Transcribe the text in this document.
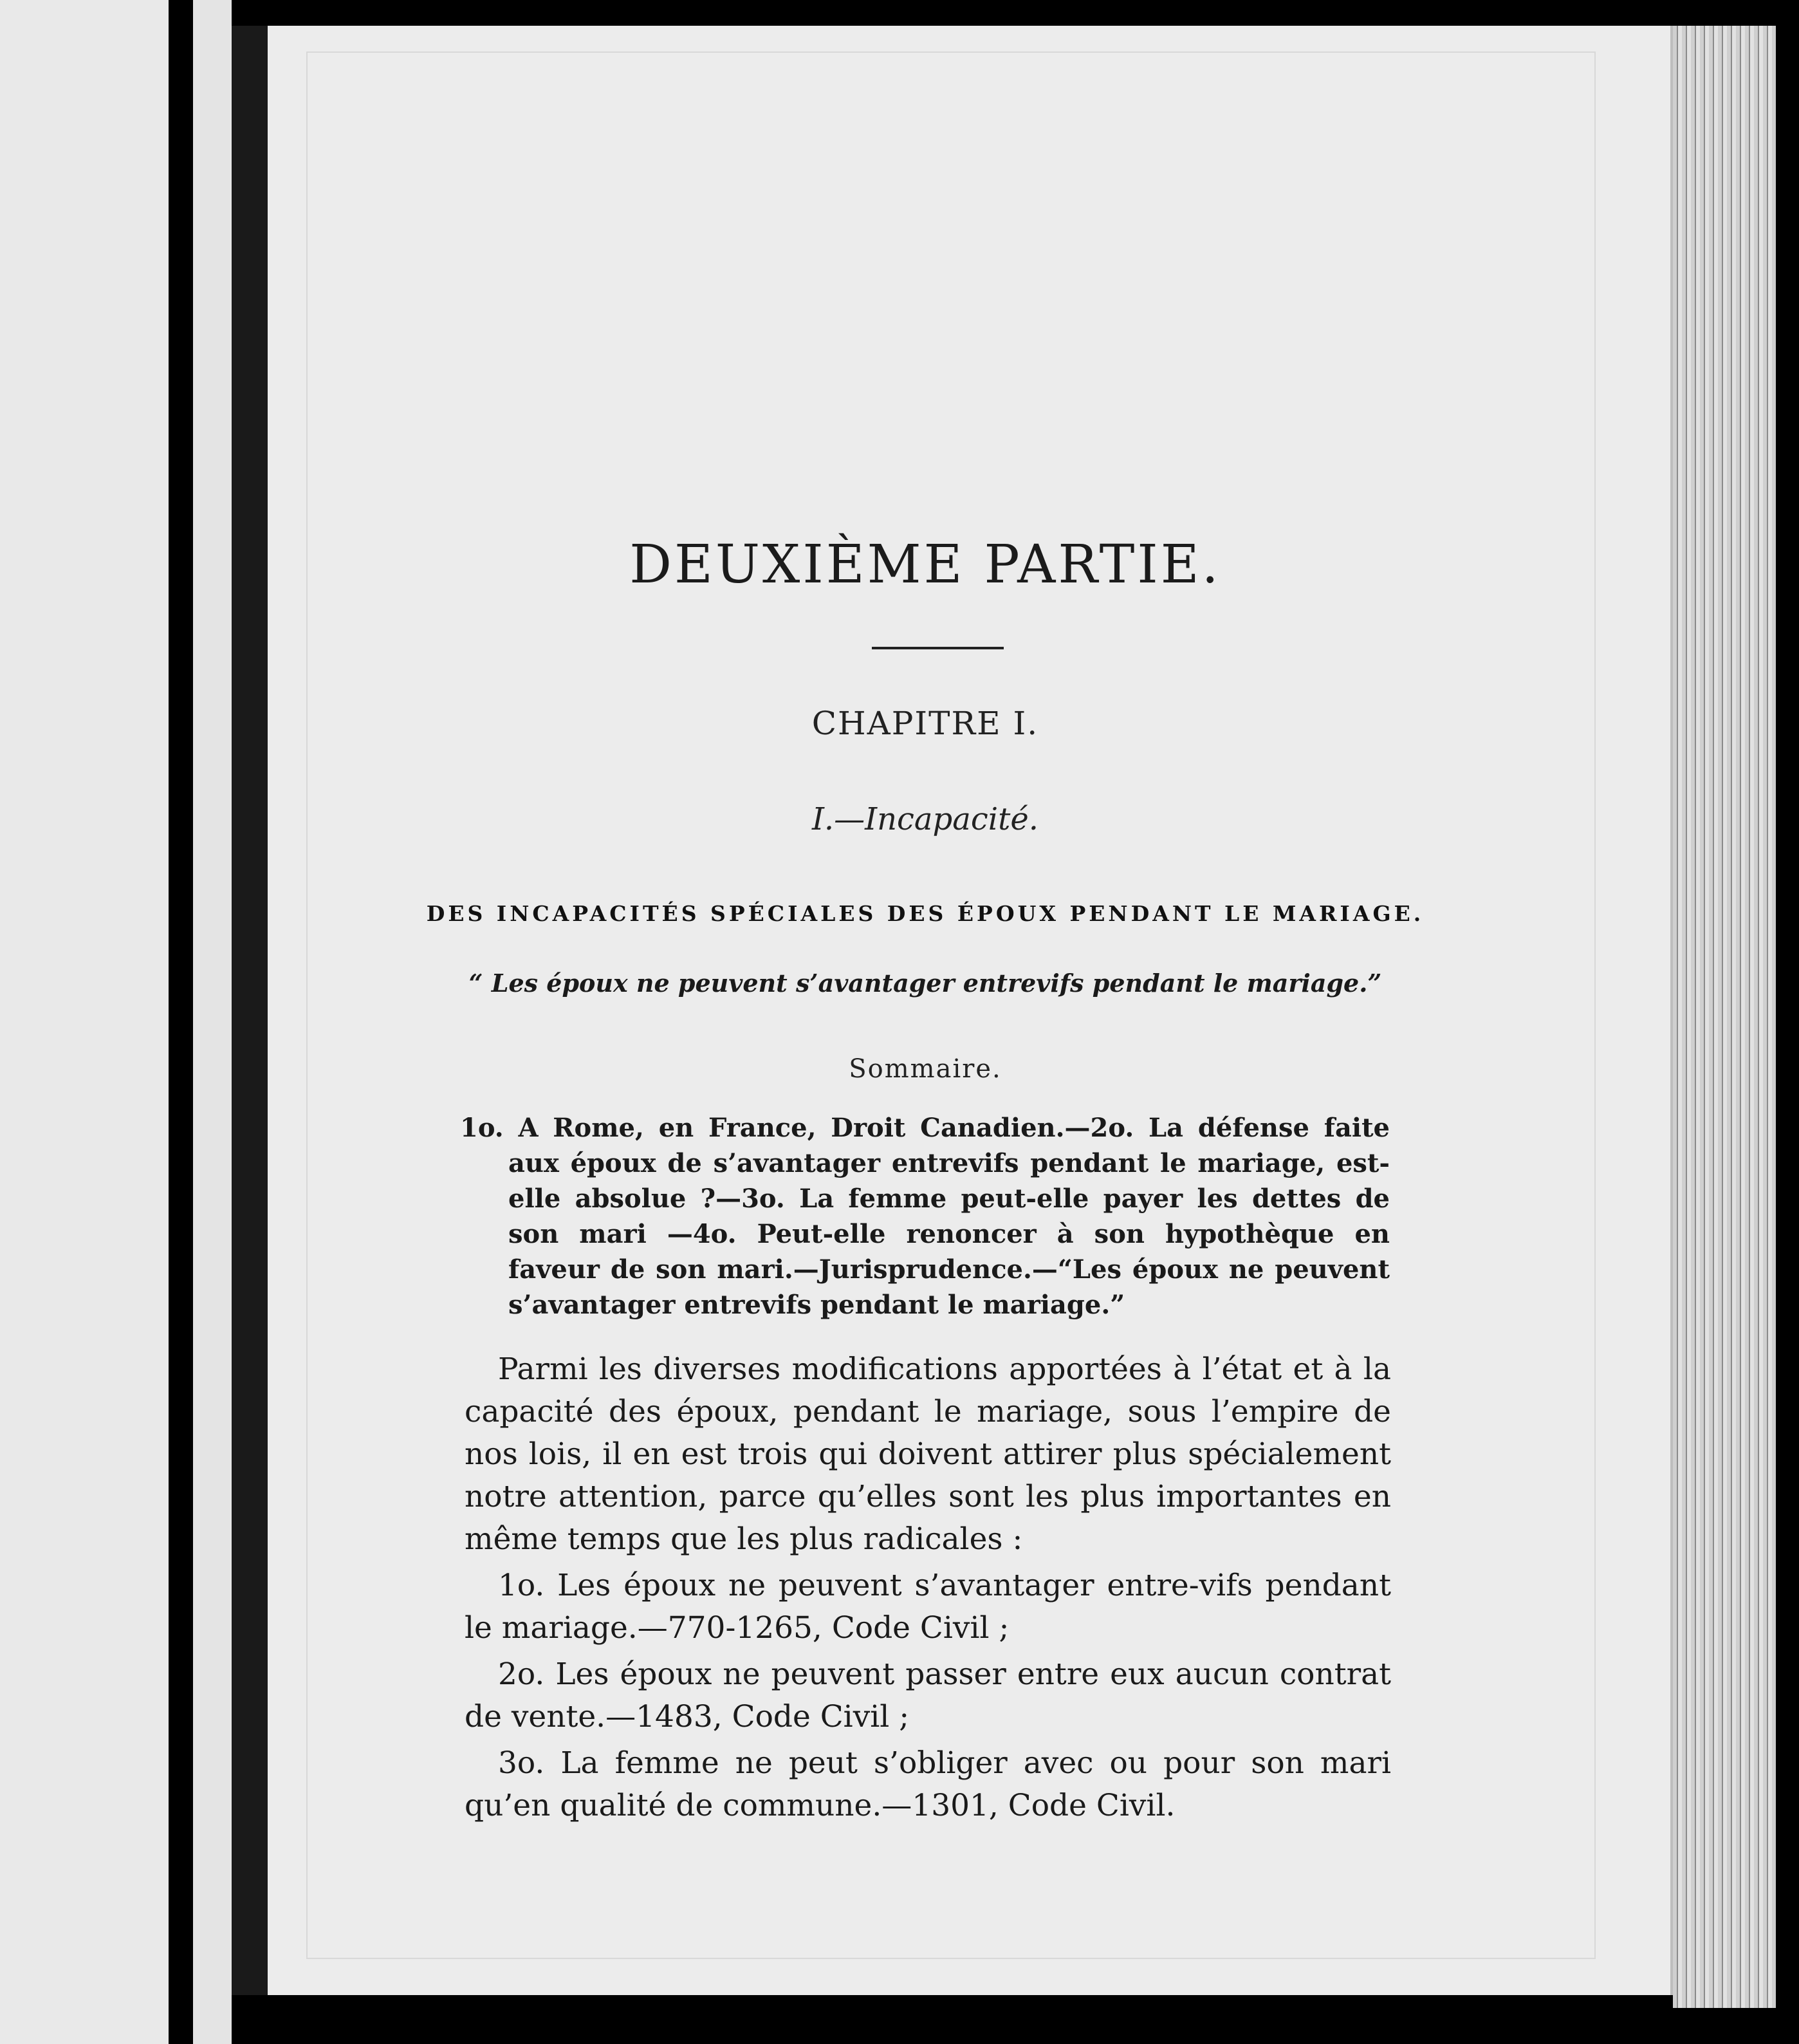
DEUXIÈME PARTIE.
CHAPITRE I.
I.—Incapacité.
DES INCAPACITÉS SPÉCIALES DES ÉPOUX PENDANT LE MARIAGE.
“ Les époux ne peuvent s’avantager entrevifs pendant le mariage.”
Sommaire.

1o. A Rome, en France, Droit Canadien.—2o. La défense faite aux époux de s’avantager entrevifs pendant le mariage, est-elle absolue ?—3o. La femme peut-elle payer les dettes de son mari —4o. Peut-elle renoncer à son hypothèque en faveur de son mari.—Jurisprudence.—“Les époux ne peuvent s’avantager entrevifs pendant le mariage.”

Parmi les diverses modifications apportées à l’état et à la capacité des époux, pendant le mariage, sous l’empire de nos lois, il en est trois qui doivent attirer plus spécialement notre attention, parce qu’elles sont les plus importantes en même temps que les plus radicales :

1o. Les époux ne peuvent s’avantager entre-vifs pendant le mariage.—770-1265, Code Civil ;

2o. Les époux ne peuvent passer entre eux aucun contrat de vente.—1483, Code Civil ;

3o. La femme ne peut s’obliger avec ou pour son mari qu’en qualité de commune.—1301, Code Civil.
